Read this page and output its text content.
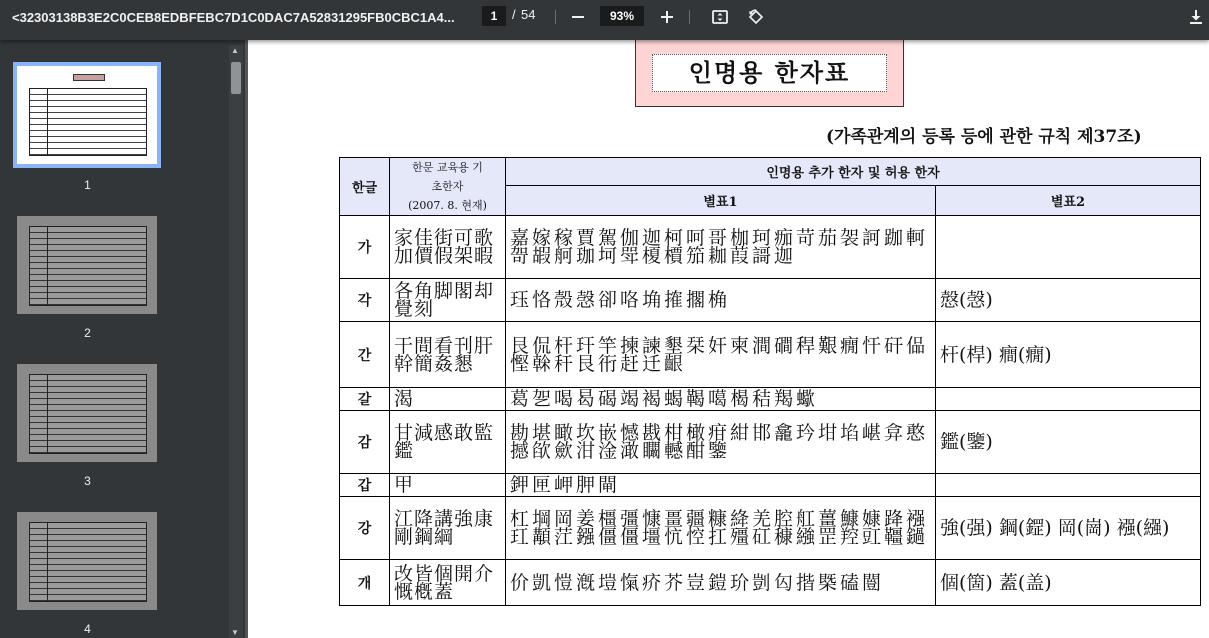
<32303138B3E2C0CEB8EDBFEBC7D1C0DAC7A52831295FB0CBC1A4...	1	/ 54	93%
1
2
3
4
▲
▼
인명용 한자표
(가족관계의 등록 등에 관한 규칙 제37조)
한글	한문 교육용 기
초한자
(2007. 8. 현재)	인명용 추가 한자 및 허용 한자	
		별표1	별표2
가	家佳街可歌加價假架暇	嘉嫁稼賈駕伽迦柯呵哥枷珂痂苛茄袈訶跏軻哿嘏舸珈坷斝榎檟笳耞葭謌迦	
각	各角脚閣却覺刻	珏恪殼愨卻咯埆搉擱桷	慤(愨)
간	干間看刊肝幹簡姦懇	艮侃杆玕竿揀諫墾栞奸柬澗磵稈艱癇忓矸偘慳榦秆艮衎赶迁齦	杆(桿) 癎(癇)
갈	渴	葛乫喝曷碣竭褐蝎鞨噶楬秸羯蠍	
감	甘減感敢監鑑	勘堪瞰坎嵌憾戡柑橄疳紺邯龕玪坩埳嵁弇憨撼欿歛泔淦澉矙轗酣鑒	鑑(鑒)
갑	甲	鉀匣岬胛閘	
강	江降講強康剛鋼綱	杠堈岡姜橿彊慷畺疆糠絳羌腔舡薑鱇嫝跭襁玒顜茳鏹僵僵壃忼悾扛殭矼穅繈罡羫豇韁鐹	強(强) 鋼(鎠) 岡(崗) 襁(繦)
개	改皆個開介慨槪蓋	价凱愷漑塏愾疥芥豈鎧玠剴匃揩槩磕闓	個(箇) 蓋(盖)
